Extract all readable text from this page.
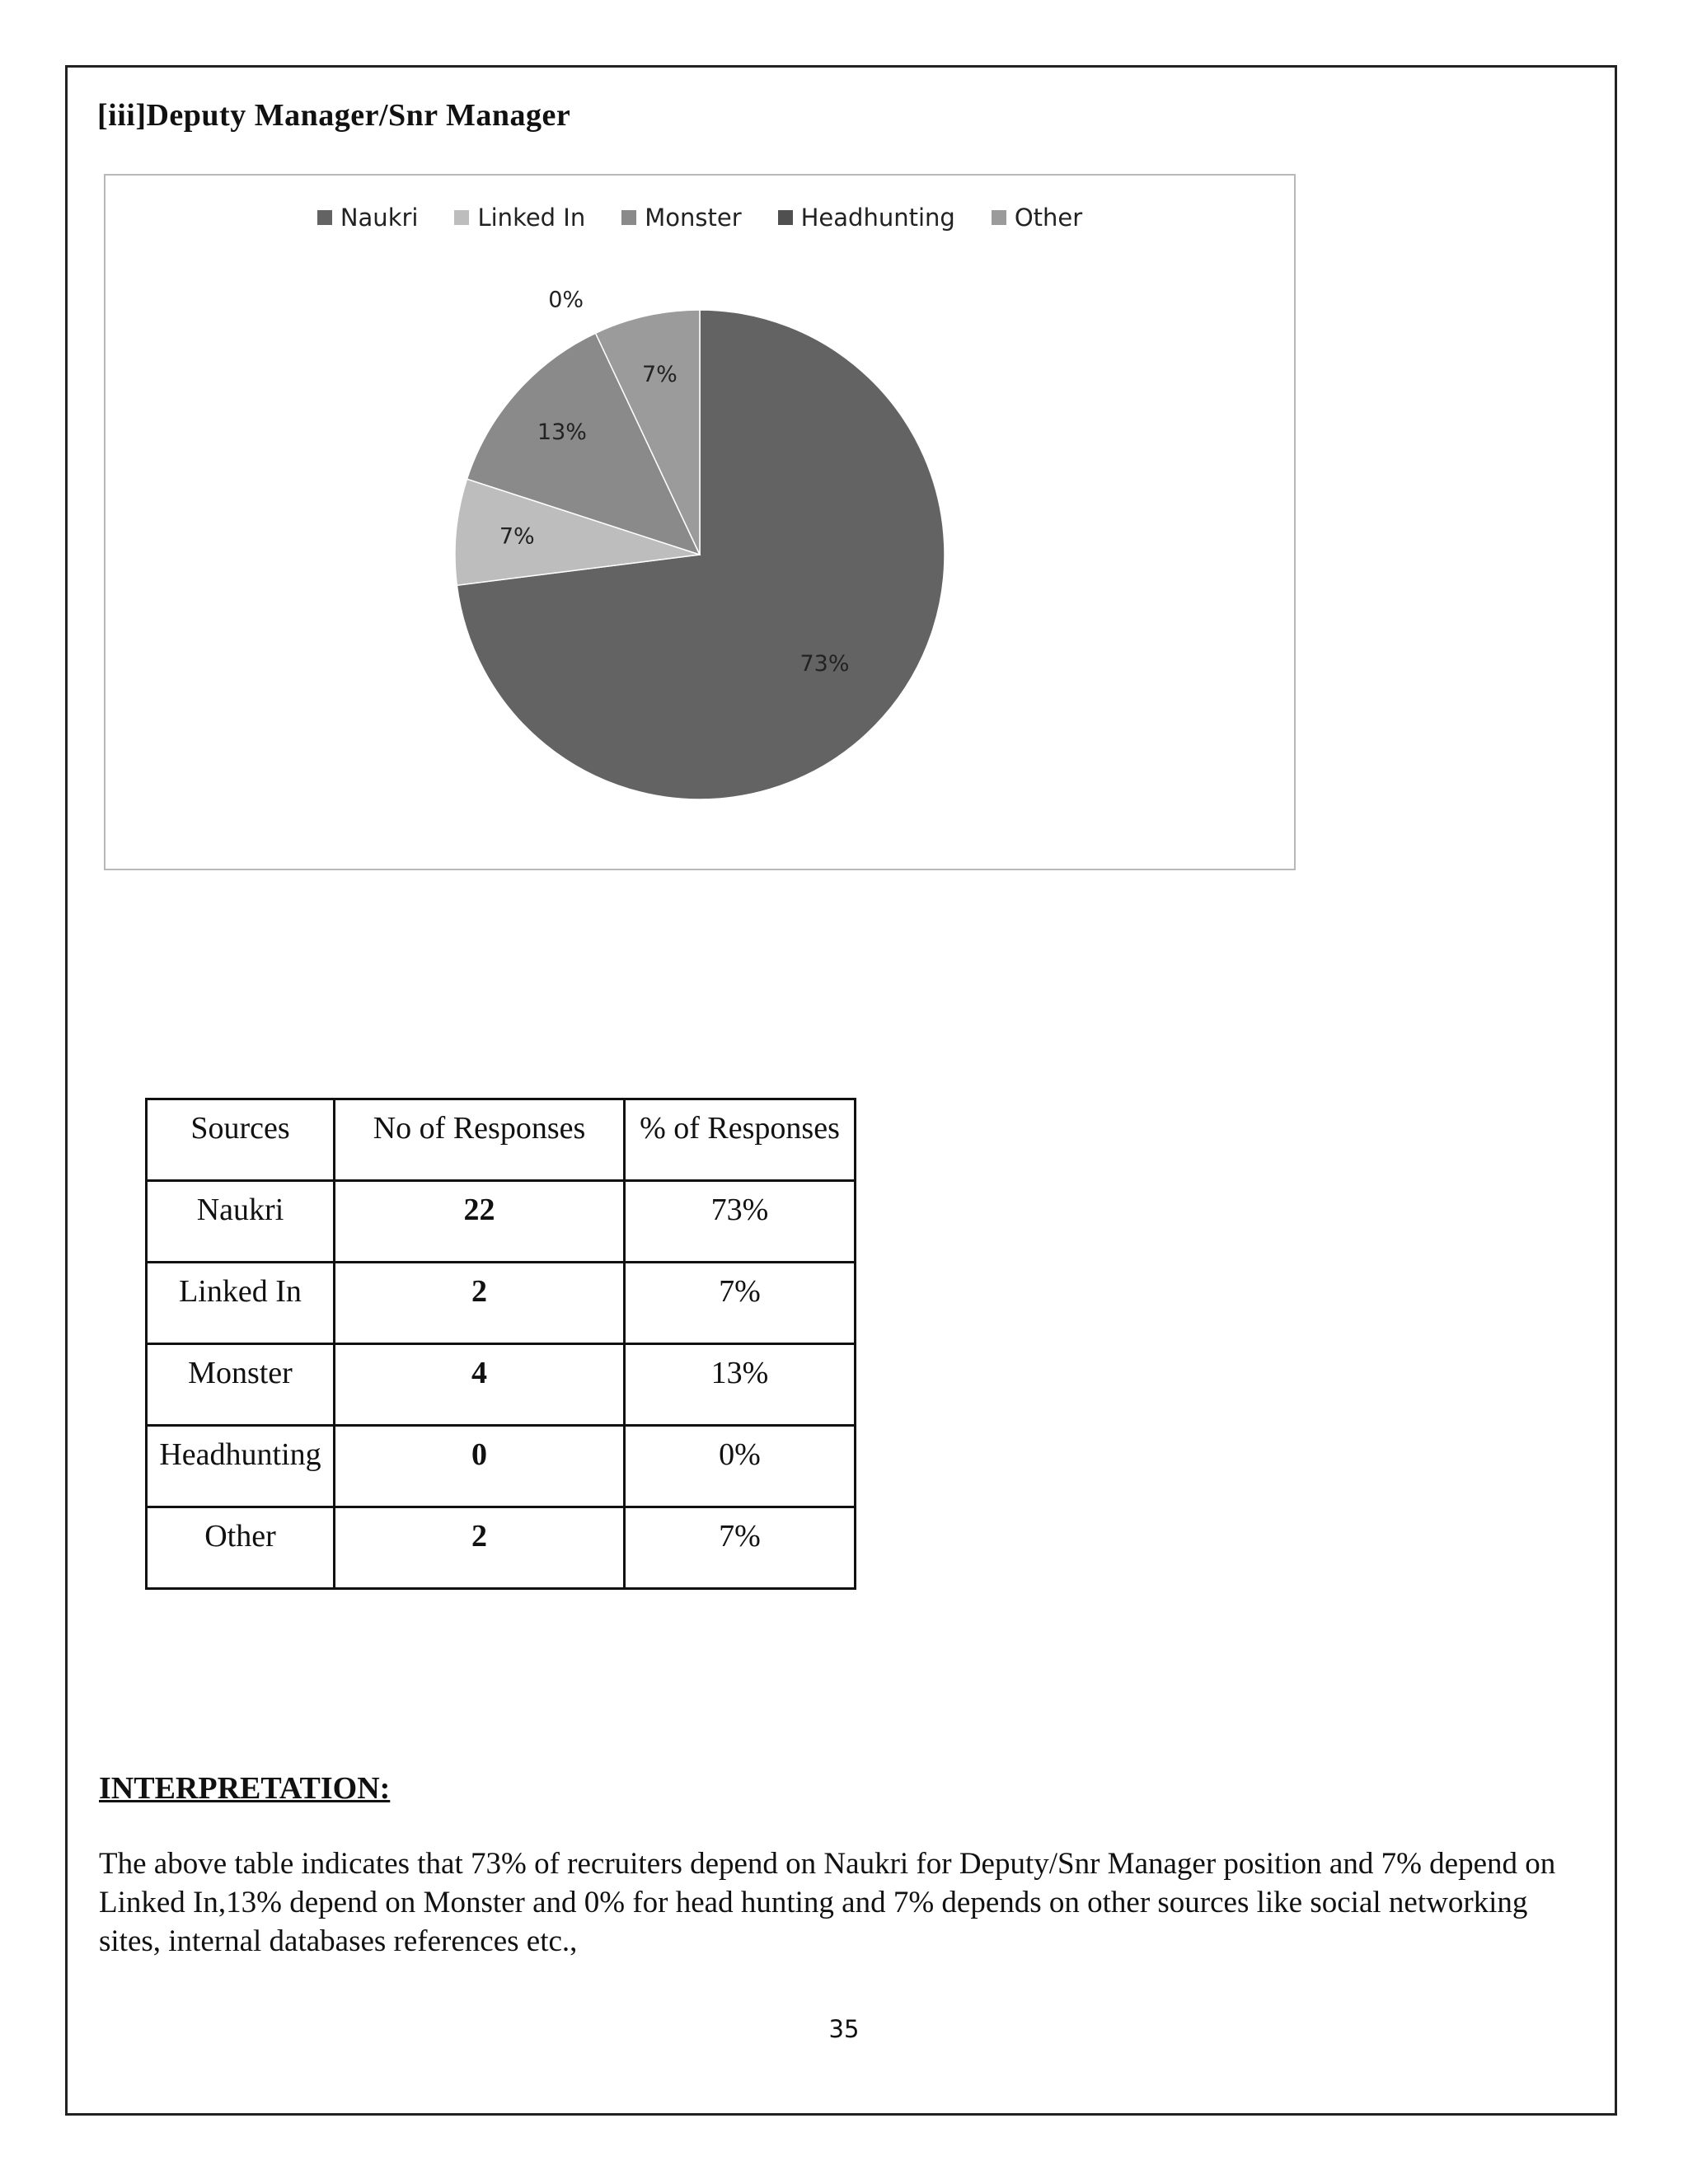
[iii]Deputy Manager/Snr Manager
Naukri Linked In Monster Headhunting Other
73%
7%
13%
0%
7%
Sources	No of Responses	% of Responses
Naukri	22	73%
Linked In	2	7%
Monster	4	13%
Headhunting	0	0%
Other	2	7%
INTERPRETATION:

The above table indicates that 73% of recruiters depend on Naukri for Deputy/Snr Manager position and 7% depend on Linked In,13% depend on Monster and 0% for head hunting and 7% depends on other sources like social networking sites, internal databases references etc.,

35
